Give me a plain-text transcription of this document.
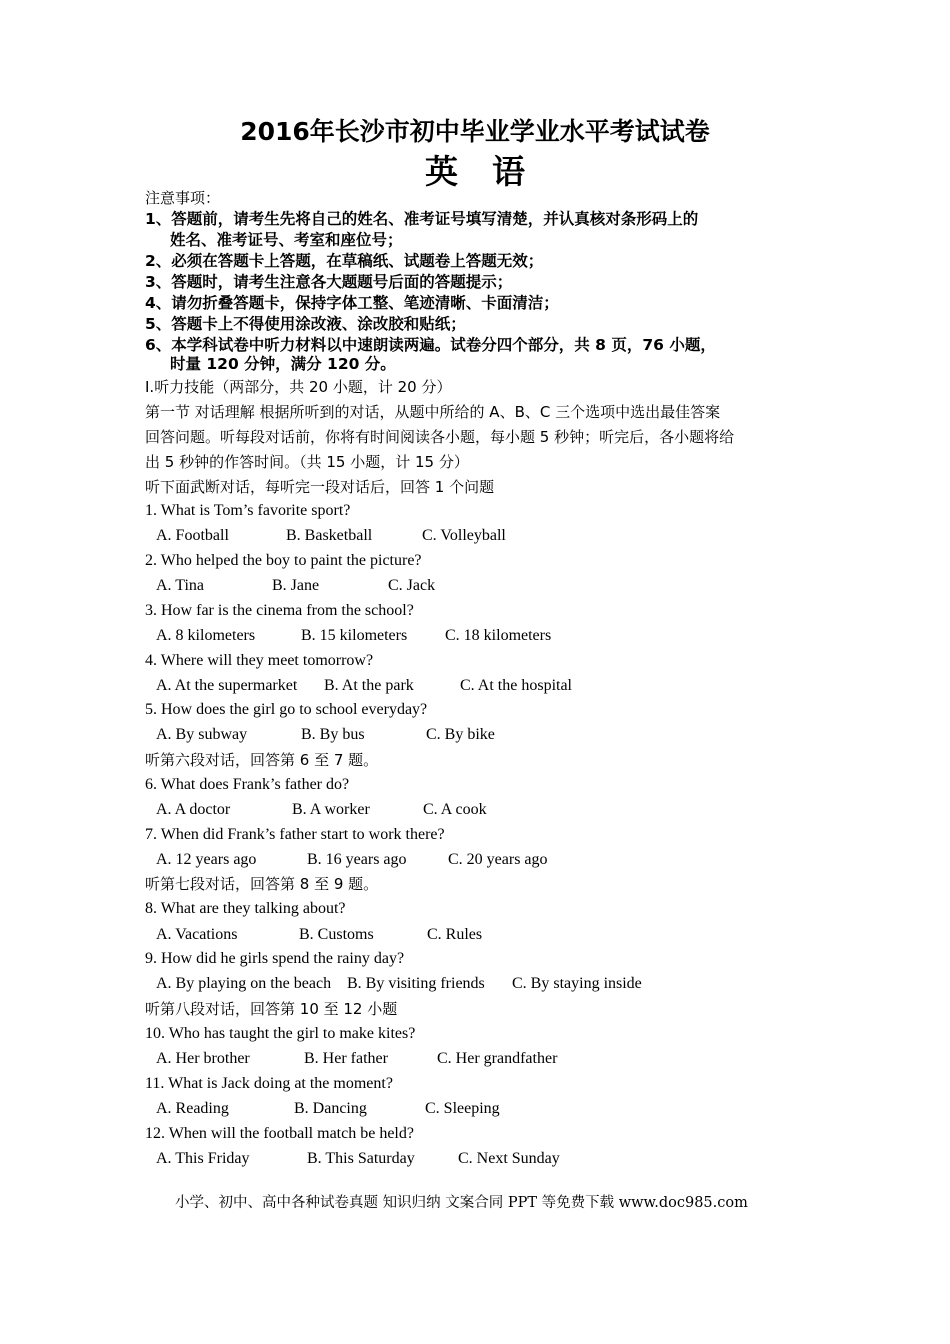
2016年长沙市初中毕业学业水平考试试卷
英语
注意事项：
1、答题前，请考生先将自己的姓名、准考证号填写清楚，并认真核对条形码上的
姓名、准考证号、考室和座位号；
2、必须在答题卡上答题，在草稿纸、试题卷上答题无效；
3、答题时，请考生注意各大题题号后面的答题提示；
4、请勿折叠答题卡，保持字体工整、笔迹清晰、卡面清洁；
5、答题卡上不得使用涂改液、涂改胶和贴纸；
6、本学科试卷中听力材料以中速朗读两遍。试卷分四个部分，共 8 页，76 小题，
时量 120 分钟，满分 120 分。
Ⅰ.听力技能（两部分，共 20 小题，计 20 分）
第一节 对话理解 根据所听到的对话，从题中所给的 A、B、C 三个选项中选出最佳答案
回答问题。听每段对话前，你将有时间阅读各小题，每小题 5 秒钟；听完后，各小题将给
出 5 秒钟的作答时间。（共 15 小题，计 15 分）
听下面武断对话，每听完一段对话后，回答 1 个问题
1. What is Tom’s favorite sport?
A. Football	B. Basketball	C. Volleyball
2. Who helped the boy to paint the picture?
A. Tina	B. Jane	C. Jack
3. How far is the cinema from the school?
A. 8 kilometers	B. 15 kilometers C. 18 kilometers
4. Where will they meet tomorrow?
A. At the supermarket B. At the park	C. At the hospital
5. How does the girl go to school everyday?
A. By subway	B. By bus	C. By bike
听第六段对话，回答第 6 至 7 题。
6. What does Frank’s father do?
A. A doctor	B. A worker	C. A cook
7. When did Frank’s father start to work there?
A. 12 years ago	B. 16 years ago	C. 20 years ago
听第七段对话，回答第 8 至 9 题。
8. What are they talking about?
A. Vacations	B. Customs	C. Rules
9. How did he girls spend the rainy day?
A. By playing on the beach B. By visiting friends C. By staying inside
听第八段对话，回答第 10 至 12 小题
10. Who has taught the girl to make kites?
A. Her brother	B. Her father	C. Her grandfather
11. What is Jack doing at the moment?
A. Reading	B. Dancing	C. Sleeping
12. When will the football match be held?
A. This Friday	B. This Saturday	C. Next Sunday
小学、初中、高中各种试卷真题 知识归纳 文案合同 PPT 等免费下载 www.doc985.com
